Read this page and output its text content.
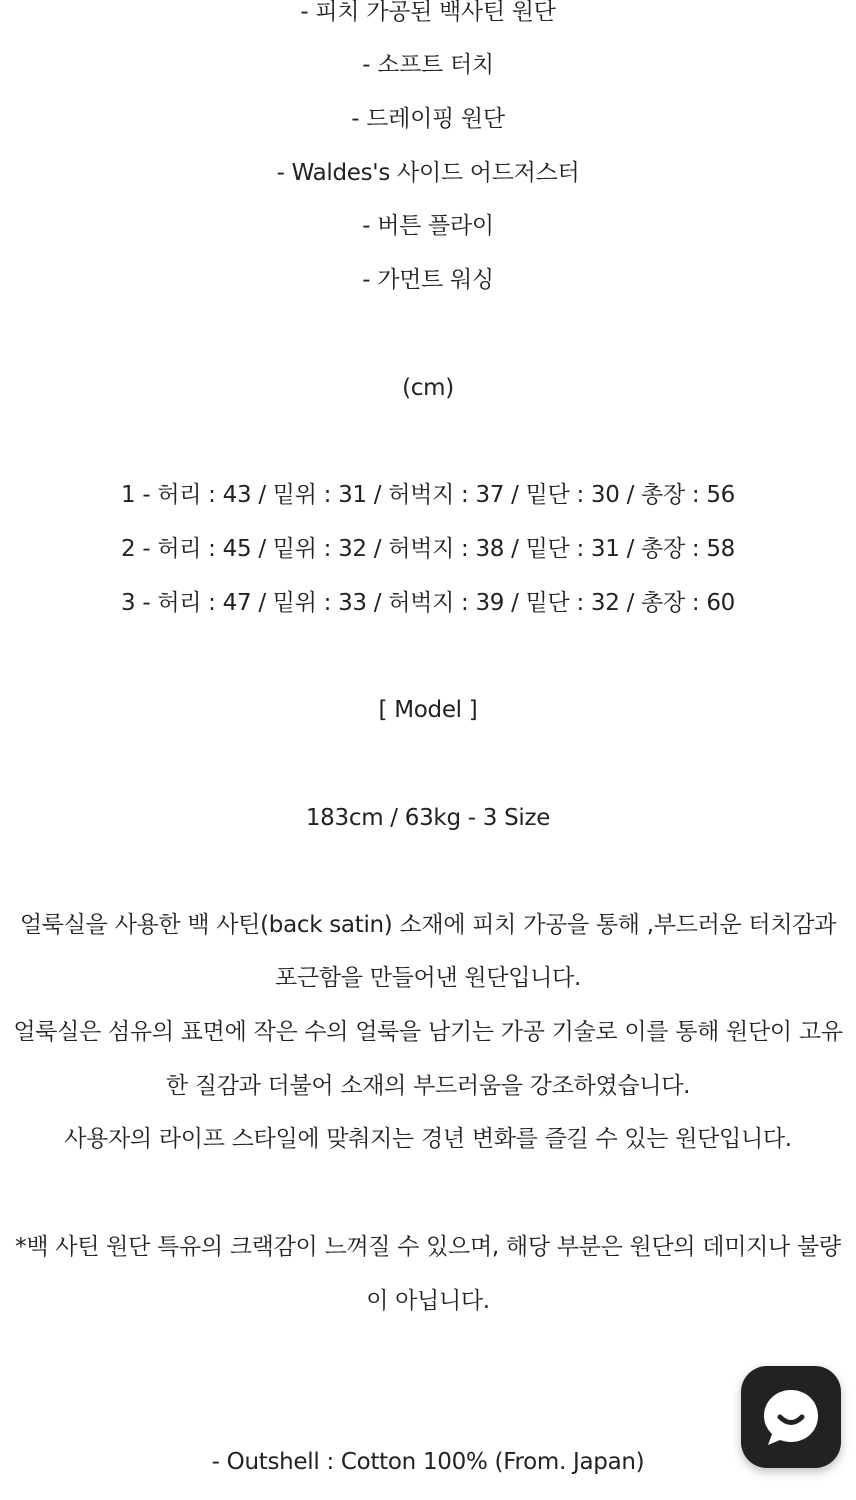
- 피치 가공된 백사틴 원단
- 소프트 터치
- 드레이핑 원단
- Waldes's 사이드 어드저스터
- 버튼 플라이
- 가먼트 워싱
(cm)
1 - 허리 : 43 / 밑위 : 31 / 허벅지 : 37 / 밑단 : 30 / 총장 : 56
2 - 허리 : 45 / 밑위 : 32 / 허벅지 : 38 / 밑단 : 31 / 총장 : 58
3 - 허리 : 47 / 밑위 : 33 / 허벅지 : 39 / 밑단 : 32 / 총장 : 60
[ Model ]
183cm / 63kg - 3 Size
얼룩실을 사용한 백 사틴(back satin) 소재에 피치 가공을 통해 ,부드러운 터치감과
포근함을 만들어낸 원단입니다.
얼룩실은 섬유의 표면에 작은 수의 얼룩을 남기는 가공 기술로 이를 통해 원단이 고유
한 질감과 더불어 소재의 부드러움을 강조하였습니다.
사용자의 라이프 스타일에 맞춰지는 경년 변화를 즐길 수 있는 원단입니다.
*백 사틴 원단 특유의 크랙감이 느껴질 수 있으며, 해당 부분은 원단의 데미지나 불량
이 아닙니다.
- Outshell : Cotton 100% (From. Japan)
